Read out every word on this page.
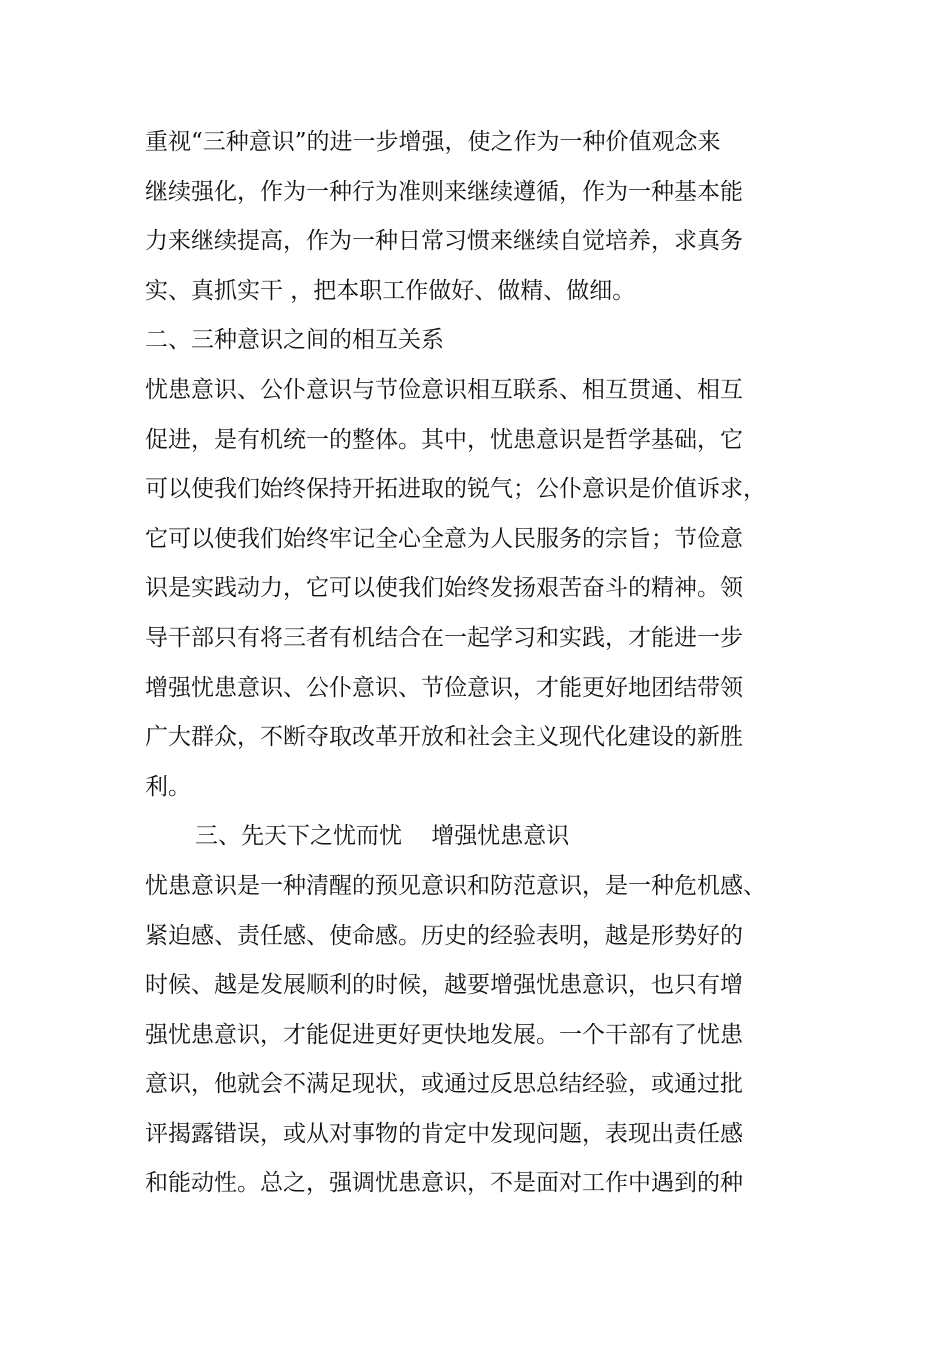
重视“三种意识”的进一步增强，使之作为一种价值观念来

继续强化，作为一种行为准则来继续遵循，作为一种基本能

力来继续提高，作为一种日常习惯来继续自觉培养，求真务

实、真抓实干 ，把本职工作做好、做精、做细。

二、三种意识之间的相互关系

忧患意识、公仆意识与节俭意识相互联系、相互贯通、相互

促进，是有机统一的整体。其中，忧患意识是哲学基础，它

可以使我们始终保持开拓进取的锐气；公仆意识是价值诉求，

它可以使我们始终牢记全心全意为人民服务的宗旨；节俭意

识是实践动力，它可以使我们始终发扬艰苦奋斗的精神。领

导干部只有将三者有机结合在一起学习和实践，才能进一步

增强忧患意识、公仆意识、节俭意识，才能更好地团结带领

广大群众，不断夺取改革开放和社会主义现代化建设的新胜

利。

三、先天下之忧而忧    增强忧患意识

忧患意识是一种清醒的预见意识和防范意识，是一种危机感、

紧迫感、责任感、使命感。历史的经验表明，越是形势好的

时候、越是发展顺利的时候，越要增强忧患意识，也只有增

强忧患意识，才能促进更好更快地发展。一个干部有了忧患

意识，他就会不满足现状，或通过反思总结经验，或通过批

评揭露错误，或从对事物的肯定中发现问题，表现出责任感

和能动性。总之，强调忧患意识，不是面对工作中遇到的种
